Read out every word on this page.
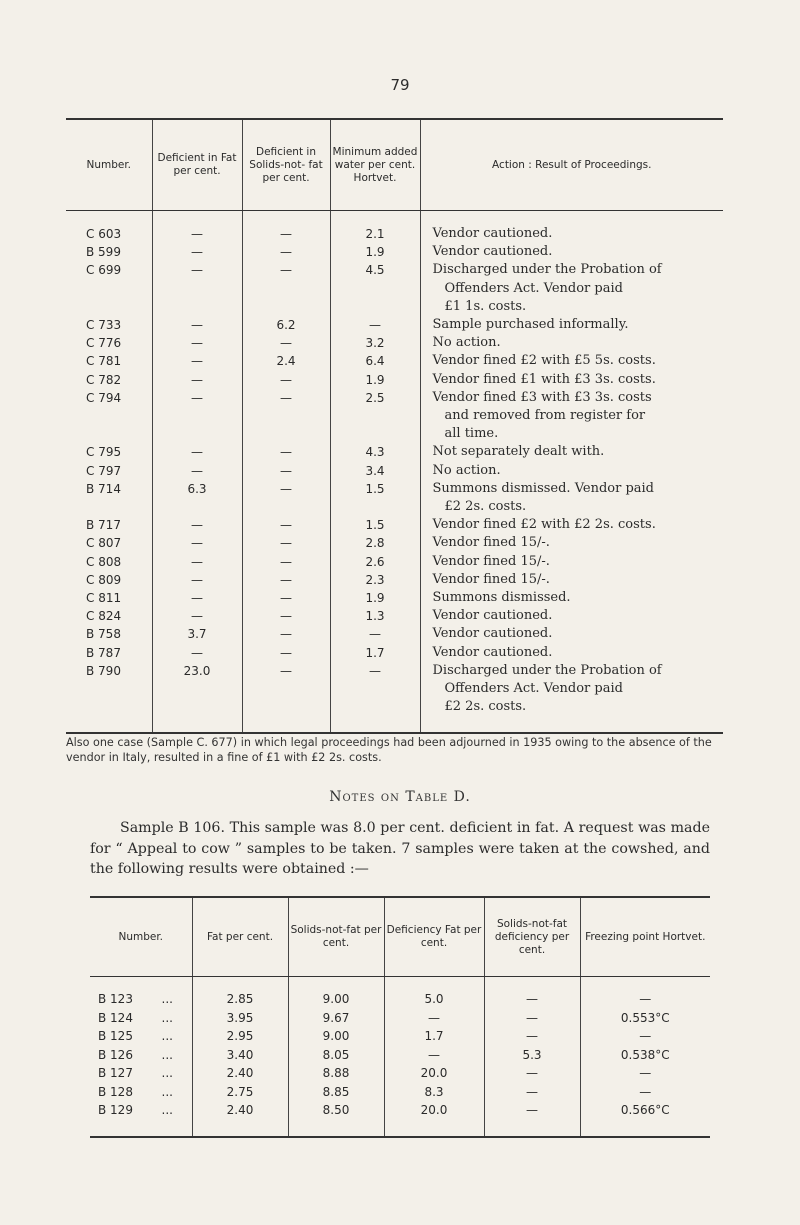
79
Number.	Deficient in Fat per cent.	Deficient in Solids-not- fat per cent.	Minimum added water per cent. Hortvet.	Action : Result of Proceedings.
C 603	—	—	2.1	Vendor cautioned.

B 599	—	—	1.9	Vendor cautioned.

C 699	—	—	4.5	Discharged under the Probation of
Offenders Act. Vendor paid
£1 1s. costs.

C 733	—	6.2	—	Sample purchased informally.

C 776	—	—	3.2	No action.

C 781	—	2.4	6.4	Vendor fined £2 with £5 5s. costs.

C 782	—	—	1.9	Vendor fined £1 with £3 3s. costs.

C 794	—	—	2.5	Vendor fined £3 with £3 3s. costs
and removed from register for
all time.

C 795	—	—	4.3	Not separately dealt with.

C 797	—	—	3.4	No action.

B 714	6.3	—	1.5	Summons dismissed. Vendor paid
£2 2s. costs.

B 717	—	—	1.5	Vendor fined £2 with £2 2s. costs.

C 807	—	—	2.8	Vendor fined 15/-.

C 808	—	—	2.6	Vendor fined 15/-.

C 809	—	—	2.3	Vendor fined 15/-.

C 811	—	—	1.9	Summons dismissed.

C 824	—	—	1.3	Vendor cautioned.

B 758	3.7	—	—	Vendor cautioned.

B 787	—	—	1.7	Vendor cautioned.

B 790	23.0	—	—	Discharged under the Probation of
Offenders Act. Vendor paid
£2 2s. costs.
Also one case (Sample C. 677) in which legal proceedings had been adjourned in 1935 owing to the absence of the vendor in Italy, resulted in a fine of £1 with £2 2s. costs.
Notes on Table D.

Sample B 106. This sample was 8.0 per cent. deficient in fat. A request was made for “ Appeal to cow ” samples to be taken. 7 samples were taken at the cowshed, and the following results were obtained :—

Number.	Fat per cent.	Solids-not-fat per cent.	Deficiency Fat per cent.	Solids-not-fat deficiency per cent.	Freezing point Hortvet.
B 123 ...	2.85	9.00	5.0	—	—
B 124 ...	3.95	9.67	—	—	0.553°C
B 125 ...	2.95	9.00	1.7	—	—
B 126 ...	3.40	8.05	—	5.3	0.538°C
B 127 ...	2.40	8.88	20.0	—	—
B 128 ...	2.75	8.85	8.3	—	—
B 129 ...	2.40	8.50	20.0	—	0.566°C
